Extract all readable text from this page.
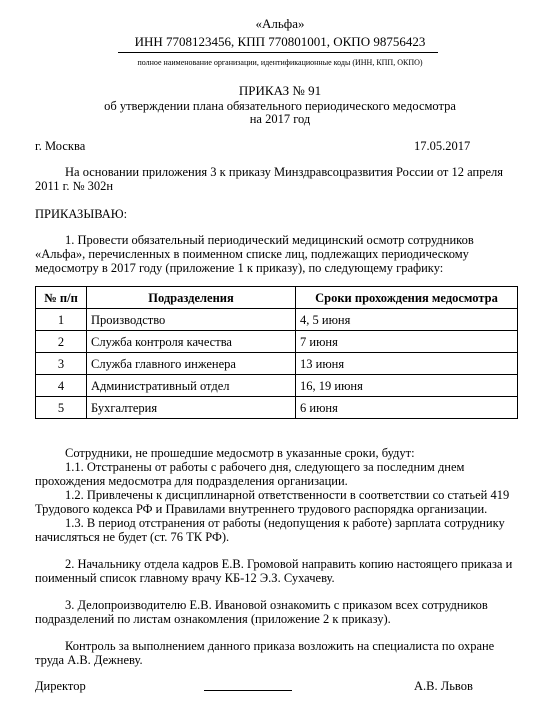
«Альфа»
ИНН 7708123456, КПП 770801001, ОКПО 98756423
полное наименование организации, идентификационные коды (ИНН, КПП, ОКПО)
ПРИКАЗ № 91
об утверждении плана обязательного периодического медосмотра
на 2017 год
г. Москва	17.05.2017
На основании приложения 3 к приказу Минздравсоцразвития России от 12 апреля 2011 г. № 302н
ПРИКАЗЫВАЮ:
1. Провести обязательный периодический медицинский осмотр сотрудников «Альфа», перечисленных в поименном списке лиц, подлежащих периодическому медосмотру в 2017 году (приложение 1 к приказу), по следующему графику:
№ п/п	Подразделения	Сроки прохождения медосмотра
1	Производство	4, 5 июня
2	Служба контроля качества	7 июня
3	Служба главного инженера	13 июня
4	Административный отдел	16, 19 июня
5	Бухгалтерия	6 июня
Сотрудники, не прошедшие медосмотр в указанные сроки, будут:
1.1. Отстранены от работы с рабочего дня, следующего за последним днем прохождения медосмотра для подразделения организации.
1.2. Привлечены к дисциплинарной ответственности в соответствии со статьей 419 Трудового кодекса РФ и Правилами внутреннего трудового распорядка организации.
1.3. В период отстранения от работы (недопущения к работе) зарплата сотруднику начисляться не будет (ст. 76 ТК РФ).
2. Начальнику отдела кадров Е.В. Громовой направить копию настоящего приказа и поименный список главному врачу КБ-12 Э.З. Сухачеву.
3. Делопроизводителю Е.В. Ивановой ознакомить с приказом всех сотрудников подразделений по листам ознакомления (приложение 2 к приказу).
Контроль за выполнением данного приказа возложить на специалиста по охране труда А.В. Дежневу.
Директор	А.В. Львов
